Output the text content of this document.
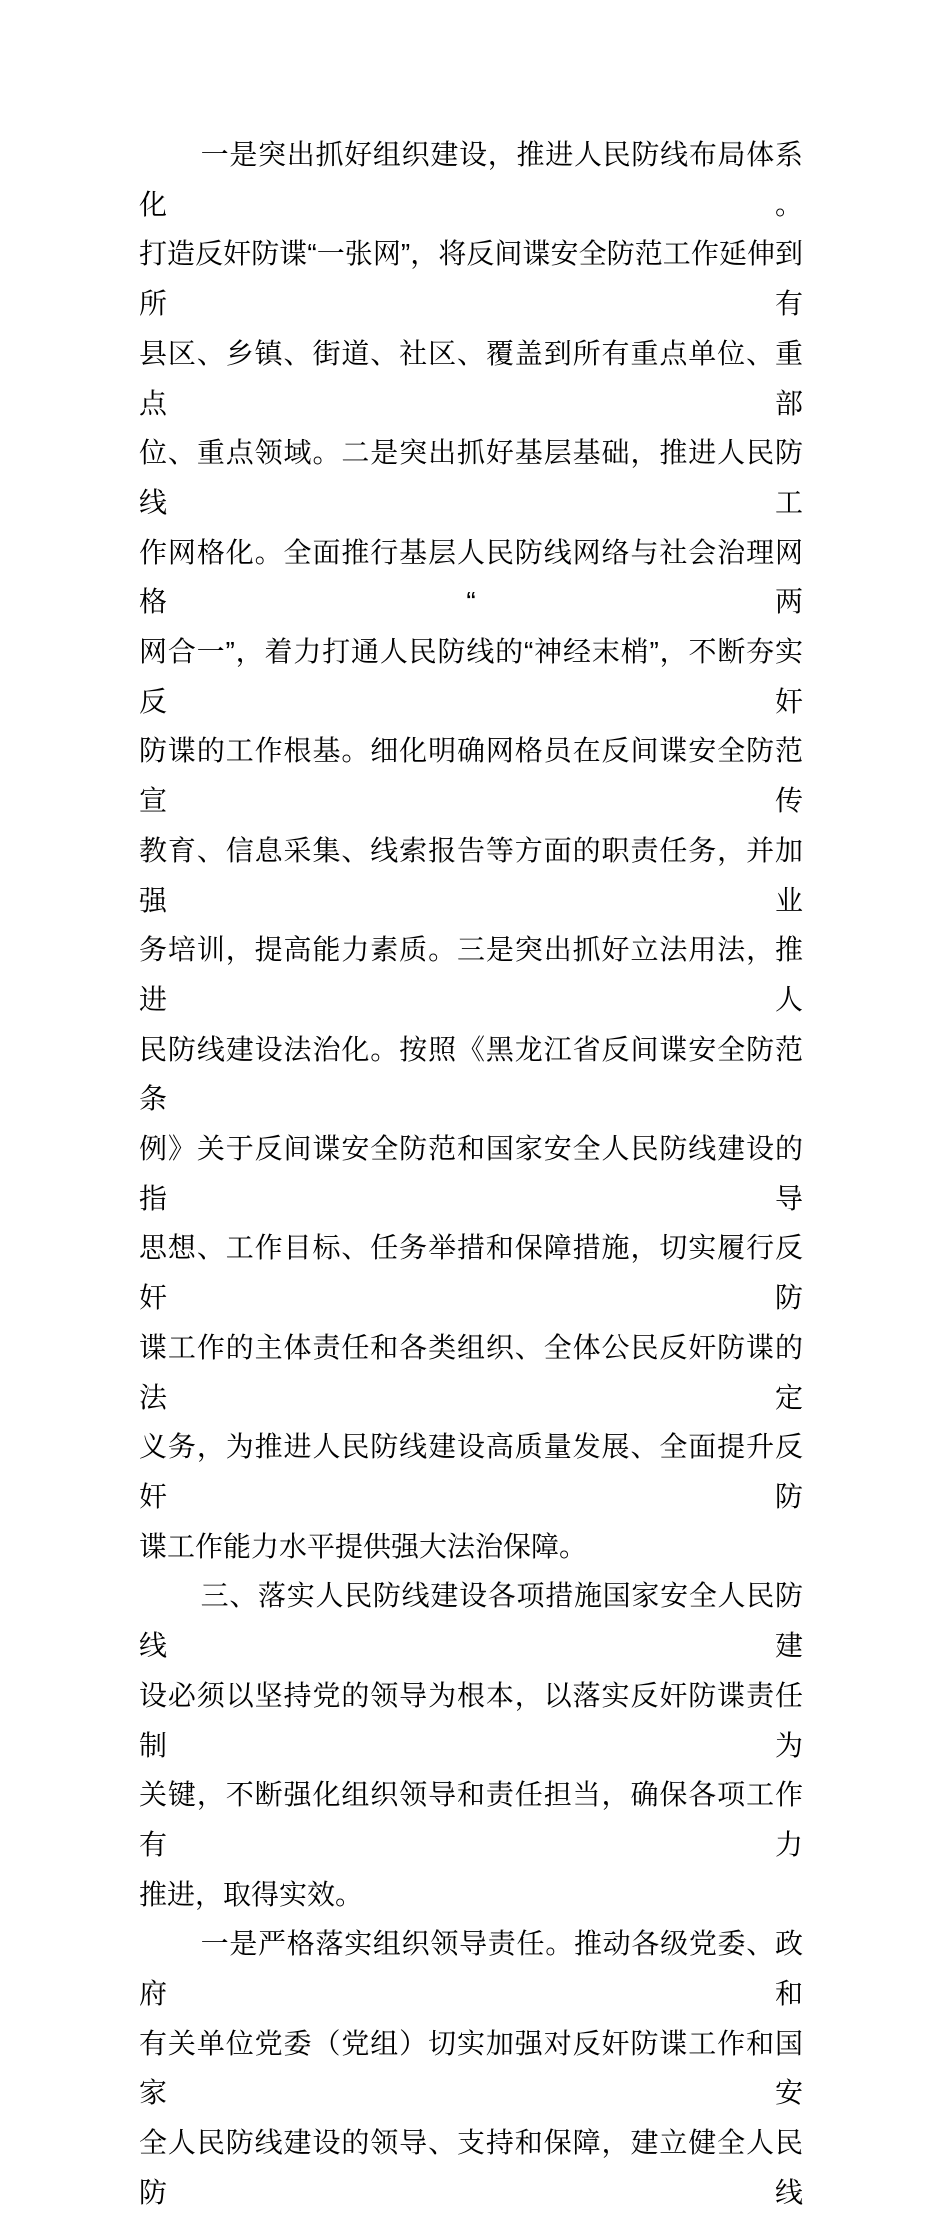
一是突出抓好组织建设，推进人民防线布局体系化。
打造反奸防谍“一张网”，将反间谍安全防范工作延伸到所有
县区、乡镇、街道、社区、覆盖到所有重点单位、重点部
位、重点领域。二是突出抓好基层基础，推进人民防线工
作网格化。全面推行基层人民防线网络与社会治理网格“两
网合一”，着力打通人民防线的“神经末梢”，不断夯实反奸
防谍的工作根基。细化明确网格员在反间谍安全防范宣传
教育、信息采集、线索报告等方面的职责任务，并加强业
务培训，提高能力素质。三是突出抓好立法用法，推进人
民防线建设法治化。按照《黑龙江省反间谍安全防范条
例》关于反间谍安全防范和国家安全人民防线建设的指导
思想、工作目标、任务举措和保障措施，切实履行反奸防
谍工作的主体责任和各类组织、全体公民反奸防谍的法定
义务，为推进人民防线建设高质量发展、全面提升反奸防
谍工作能力水平提供强大法治保障。
三、落实人民防线建设各项措施国家安全人民防线建
设必须以坚持党的领导为根本，以落实反奸防谍责任制为
关键，不断强化组织领导和责任担当，确保各项工作有力
推进，取得实效。
一是严格落实组织领导责任。推动各级党委、政府和
有关单位党委（党组）切实加强对反奸防谍工作和国家安
全人民防线建设的领导、支持和保障，建立健全人民防线
